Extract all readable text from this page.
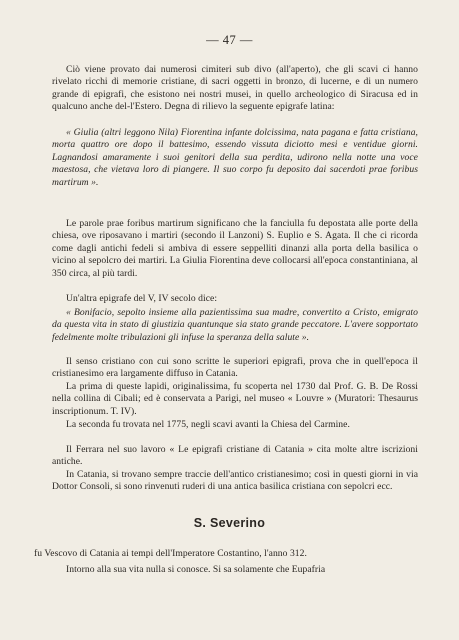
— 47 —

Ciò viene provato dai numerosi cimiteri sub divo (all'aperto), che gli scavi ci hanno rivelato ricchi di memorie cristiane, di sacri oggetti in bronzo, di lucerne, e di un numero grande di epigrafi, che esistono nei nostri musei, in quello archeologico di Siracusa ed in qualcuno anche del-l'Estero. Degna di rilievo la seguente epigrafe latina:

« Giulia (altri leggono Nila) Fiorentina infante dolcissima, nata pagana e fatta cristiana, morta quattro ore dopo il battesimo, essendo vissuta diciotto mesi e ventidue giorni. Lagnandosi amaramente i suoi genitori della sua perdita, udirono nella notte una voce maestosa, che vietava loro di piangere. Il suo corpo fu deposito dai sacerdoti prae foribus martirum ».

Le parole prae foribus martirum significano che la fanciulla fu depostata alle porte della chiesa, ove riposavano i martiri (secondo il Lanzoni) S. Euplio e S. Agata. Il che ci ricorda come dagli antichi fedeli si ambiva di essere seppelliti dinanzi alla porta della basilica o vicino al sepolcro dei martiri. La Giulia Fiorentina deve collocarsi all'epoca constantiniana, al 350 circa, al più tardi.

Un'altra epigrafe del V, IV secolo dice:

« Bonifacio, sepolto insieme alla pazientissima sua madre, convertito a Cristo, emigrato da questa vita in stato di giustizia quantunque sia stato grande peccatore. L'avere sopportato fedelmente molte tribulazioni gli infuse la speranza della salute ».

Il senso cristiano con cui sono scritte le superiori epigrafi, prova che in quell'epoca il cristianesimo era largamente diffuso in Catania.

La prima di queste lapidi, originalissima, fu scoperta nel 1730 dal Prof. G. B. De Rossi nella collina di Cibali; ed è conservata a Parigi, nel museo « Louvre » (Muratori: Thesaurus inscriptionum. T. IV).

La seconda fu trovata nel 1775, negli scavi avanti la Chiesa del Carmine.

Il Ferrara nel suo lavoro « Le epigrafi cristiane di Catania » cita molte altre iscrizioni antiche.

In Catania, si trovano sempre traccie dell'antico cristianesimo; così in questi giorni in via Dottor Consoli, si sono rinvenuti ruderi di una antica basilica cristiana con sepolcri ecc.

S. Severino

fu Vescovo di Catania ai tempi dell'Imperatore Costantino, l'anno 312.

Intorno alla sua vita nulla si conosce. Si sa solamente che Eupafria
